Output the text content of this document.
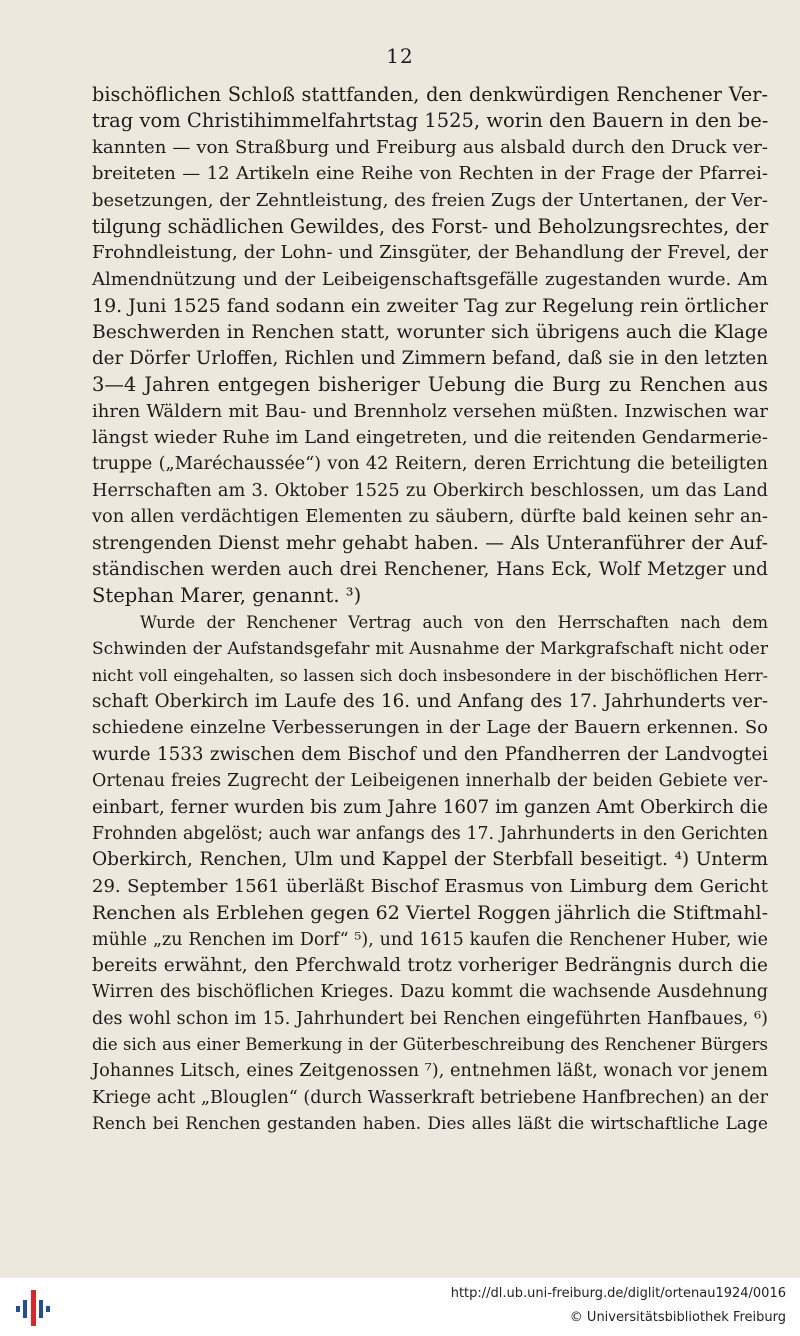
12
bischöflichen Schloß stattfanden, den denkwürdigen Renchener Ver-
trag vom Christihimmelfahrtstag 1525, worin den Bauern in den be-
kannten — von Straßburg und Freiburg aus alsbald durch den Druck ver-
breiteten — 12 Artikeln eine Reihe von Rechten in der Frage der Pfarrei-
besetzungen, der Zehntleistung, des freien Zugs der Untertanen, der Ver-
tilgung schädlichen Gewildes, des Forst- und Beholzungsrechtes, der
Frohndleistung, der Lohn- und Zinsgüter, der Behandlung der Frevel, der
Almendnützung und der Leibeigenschaftsgefälle zugestanden wurde. Am
19. Juni 1525 fand sodann ein zweiter Tag zur Regelung rein örtlicher
Beschwerden in Renchen statt, worunter sich übrigens auch die Klage
der Dörfer Urloffen, Richlen und Zimmern befand, daß sie in den letzten
3—4 Jahren entgegen bisheriger Uebung die Burg zu Renchen aus
ihren Wäldern mit Bau- und Brennholz versehen müßten. Inzwischen war
längst wieder Ruhe im Land eingetreten, und die reitenden Gendarmerie-
truppe („Maréchaussée“) von 42 Reitern, deren Errichtung die beteiligten
Herrschaften am 3. Oktober 1525 zu Oberkirch beschlossen, um das Land
von allen verdächtigen Elementen zu säubern, dürfte bald keinen sehr an-
strengenden Dienst mehr gehabt haben. — Als Unteranführer der Auf-
ständischen werden auch drei Renchener, Hans Eck, Wolf Metzger und
Stephan Marer, genannt. ³)
Wurde der Renchener Vertrag auch von den Herrschaften nach dem
Schwinden der Aufstandsgefahr mit Ausnahme der Markgrafschaft nicht oder
nicht voll eingehalten, so lassen sich doch insbesondere in der bischöflichen Herr-
schaft Oberkirch im Laufe des 16. und Anfang des 17. Jahrhunderts ver-
schiedene einzelne Verbesserungen in der Lage der Bauern erkennen. So
wurde 1533 zwischen dem Bischof und den Pfandherren der Landvogtei
Ortenau freies Zugrecht der Leibeigenen innerhalb der beiden Gebiete ver-
einbart, ferner wurden bis zum Jahre 1607 im ganzen Amt Oberkirch die
Frohnden abgelöst; auch war anfangs des 17. Jahrhunderts in den Gerichten
Oberkirch, Renchen, Ulm und Kappel der Sterbfall beseitigt. ⁴) Unterm
29. September 1561 überläßt Bischof Erasmus von Limburg dem Gericht
Renchen als Erblehen gegen 62 Viertel Roggen jährlich die Stiftmahl-
mühle „zu Renchen im Dorf“ ⁵), und 1615 kaufen die Renchener Huber, wie
bereits erwähnt, den Pferchwald trotz vorheriger Bedrängnis durch die
Wirren des bischöflichen Krieges. Dazu kommt die wachsende Ausdehnung
des wohl schon im 15. Jahrhundert bei Renchen eingeführten Hanfbaues, ⁶)
die sich aus einer Bemerkung in der Güterbeschreibung des Renchener Bürgers
Johannes Litsch, eines Zeitgenossen ⁷), entnehmen läßt, wonach vor jenem
Kriege acht „Blouglen“ (durch Wasserkraft betriebene Hanfbrechen) an der
Rench bei Renchen gestanden haben. Dies alles läßt die wirtschaftliche Lage
http://dl.ub.uni-freiburg.de/diglit/ortenau1924/0016
© Universitätsbibliothek Freiburg
